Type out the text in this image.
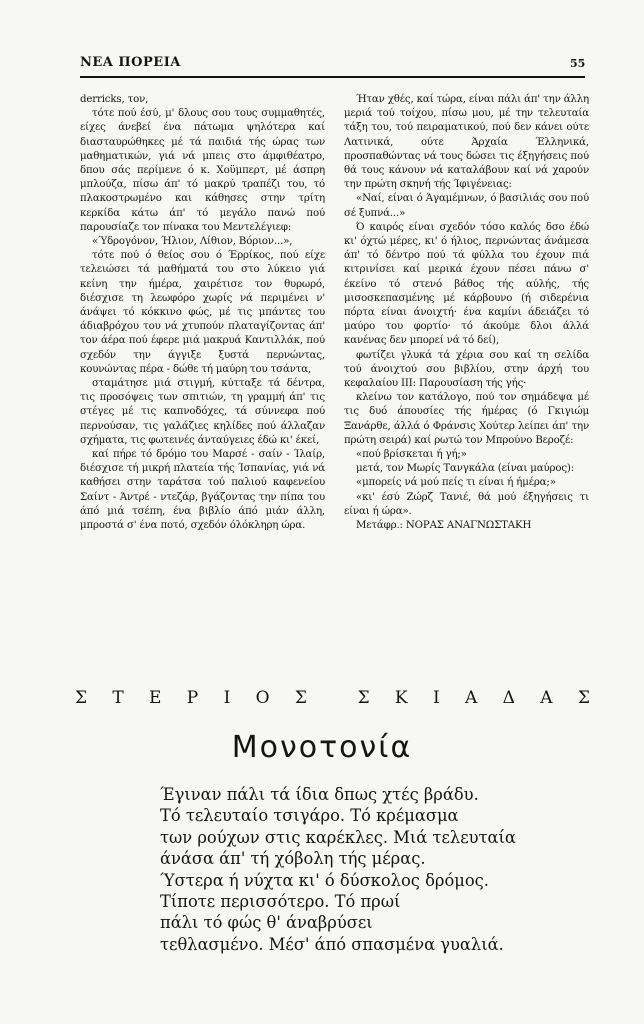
ΝΕΑ ΠΟΡΕΙΑ	55

derricks, τον,

τότε πού έσύ, μ' δλους σου τους συμμαθητές, είχες άνεβεί ένα πάτωμα ψηλότερα καί διασταυρώθηκες μέ τά παιδιά τής ώρας των μαθηματικών, γιά νά μπεις στο άμφιθέατρο, δπου σάς περίμενε ό κ. Χοϋμπερτ, μέ άσπρη μπλούζα, πίσω άπ' τό μακρύ τραπέζι του, τό πλακοστρωμένο και κάθησες στην τρίτη κερκίδα κάτω άπ' τό μεγάλο πανώ πού παρουσίαζε τον πίνακα του Μεντελέγιεφ:

«Ύδρογόνον, Ήλιον, Λίθιον, Βόριον...»,

τότε πού ό θείος σου ό Έρρίκος, πού είχε τελειώσει τά μαθήματά του στο λύκειο γιά κείνη την ήμέρα, χαιρέτισε τον θυρωρό, διέσχισε τη λεωφόρο χωρίς νά περιμένει ν' άνάψει τό κόκκινο φώς, μέ τις μπάντες του άδιαβρόχου του νά χτυπούν πλαταγίζοντας άπ' τον άέρα πού έφερε μιά μακρυά Καντιλλάκ, πού σχεδόν την άγγιξε ξυστά περνώντας, κουνώντας πέρα - δώθε τή μαύρη του τσάντα,

σταμάτησε μιά στιγμή, κύτταξε τά δέντρα, τις προσόψεις των σπιτιών, τη γραμμή άπ' τις στέγες μέ τις καπνοδόχες, τά σύννεφα πού περνούσαν, τις γαλάζιες κηλίδες πού άλλαζαν σχήματα, τις φωτεινές άνταύγειες έδώ κι' έκεί,

καί πήρε τό δρόμο του Μαρσέ - σαίν - Ίλαίρ, διέσχισε τή μικρή πλατεία τής Ίσπανίας, γιά νά καθήσει στην ταράτσα τού παλιού καφενείου Σαίντ - Άντρέ - ντεζάρ, βγάζοντας την πίπα του άπό μιά τσέπη, ένα βιβλίο άπό μιάν άλλη, μπροστά σ' ένα ποτό, σχεδόν όλόκληρη ώρα.

Ήταν χθές, καί τώρα, είναι πάλι άπ' την άλλη μεριά τού τοίχου, πίσω μου, μέ την τελευταία τάξη του, τού πειραματικού, πού δεν κάνει ούτε Λατινικά, ούτε Άρχαία Έλληνικά, προσπαθώντας νά τους δώσει τις έξηγήσεις πού θά τους κάνουν νά καταλάβουν καί νά χαρούν την πρώτη σκηνή τής Ίφιγένειας:

«Ναί, είναι ό Άγαμέμνων, ό βασιλιάς σου πού σέ ξυπνά...»

Ό καιρός είναι σχεδόν τόσο καλός δσο έδώ κι' όχτώ μέρες, κι' ό ήλιος, περνώντας άνάμεσα άπ' τό δέντρο πού τά φύλλα του έχουν πιά κιτρινίσει καί μερικά έχουν πέσει πάνω σ' έκείνο τό στενό βάθος τής αύλής, τής μισοσκεπασμένης μέ κάρβουνο (ή σιδερένια πόρτα είναι άνοιχτή· ένα καμίνι άδειάζει τό μαύρο του φορτίο· τό άκούμε δλοι άλλά κανένας δεν μπορεί νά τό δεί),

φωτίζει γλυκά τά χέρια σου καί τη σελίδα τού άνοιχτού σου βιβλίου, στην άρχή του κεφαλαίου ΙΙΙ: Παρουσίαση τής γής·

κλείνω τον κατάλογο, πού τον σημάδεψα μέ τις δυό άπουσίες τής ήμέρας (ό Γκιγιώμ Ξανάρθε, άλλά ό Φράνσις Χούτερ λείπει άπ' την πρώτη σειρά) καί ρωτώ τον Μπρούνο Βεροζέ:

«πού βρίσκεται ή γή;»

μετά, τον Μωρίς Τανγκάλα (είναι μαύρος):

«μπορείς νά μού πείς τι είναι ή ήμέρα;»

«κι' έσύ Ζώρζ Τανιέ, θά μού έξηγήσεις τι είναι ή ώρα».

Μετάφρ.: ΝΟΡΑΣ ΑΝΑΓΝΩΣΤΑΚΗ

Σ Τ Ε Ρ Ι Ο Σ	Σ Κ Ι Α Δ Α Σ
Μονοτονία
Έγιναν πάλι τά ίδια δπως χτές βράδυ.
Τό τελευταίο τσιγάρο. Τό κρέμασμα
των ρούχων στις καρέκλες. Μιά τελευταία
άνάσα άπ' τή χόβολη τής μέρας.
Ύστερα ή νύχτα κι' ό δύσκολος δρόμος.
Τίποτε περισσότερο. Τό πρωί
πάλι τό φώς θ' άναβρύσει
τεθλασμένο. Μέσ' άπό σπασμένα γυαλιά.
